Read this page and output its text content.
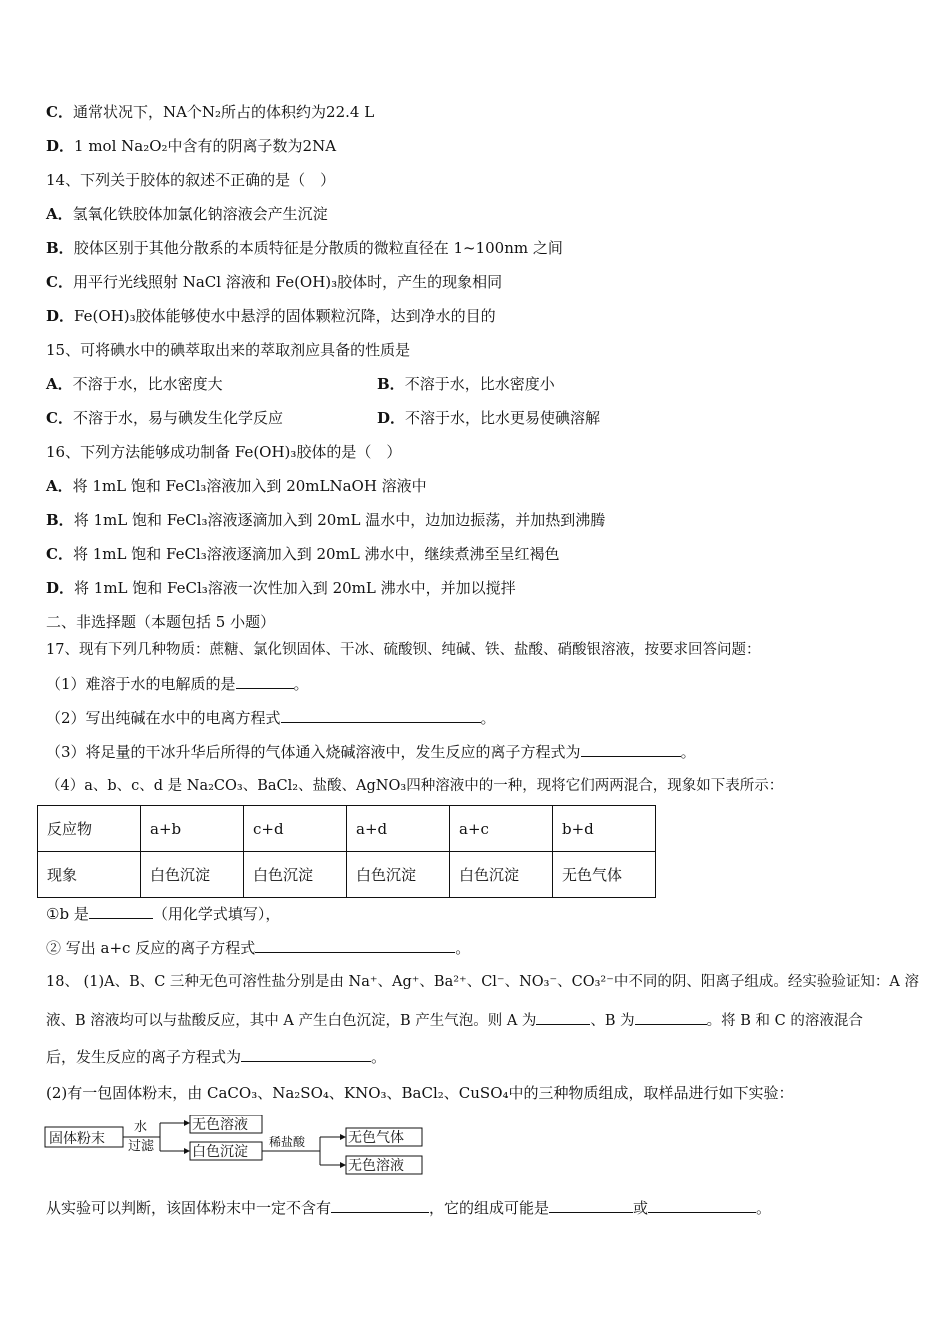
C．通常状况下，NA个N₂所占的体积约为22.4 L
D．1 mol Na₂O₂中含有的阴离子数为2NA
14、下列关于胶体的叙述不正确的是（　）
A．氢氧化铁胶体加氯化钠溶液会产生沉淀
B．胶体区别于其他分散系的本质特征是分散质的微粒直径在 1~100nm 之间
C．用平行光线照射 NaCl 溶液和 Fe(OH)₃胶体时，产生的现象相同
D．Fe(OH)₃胶体能够使水中悬浮的固体颗粒沉降，达到净水的目的
15、可将碘水中的碘萃取出来的萃取剂应具备的性质是
A．不溶于水，比水密度大	B．不溶于水，比水密度小
C．不溶于水，易与碘发生化学反应	D．不溶于水，比水更易使碘溶解
16、下列方法能够成功制备 Fe(OH)₃胶体的是（　）
A．将 1mL 饱和 FeCl₃溶液加入到 20mLNaOH 溶液中
B．将 1mL 饱和 FeCl₃溶液逐滴加入到 20mL 温水中，边加边振荡，并加热到沸腾
C．将 1mL 饱和 FeCl₃溶液逐滴加入到 20mL 沸水中，继续煮沸至呈红褐色
D．将 1mL 饱和 FeCl₃溶液一次性加入到 20mL 沸水中，并加以搅拌
二、非选择题（本题包括 5 小题）
17、现有下列几种物质：蔗糖、氯化钡固体、干冰、硫酸钡、纯碱、铁、盐酸、硝酸银溶液，按要求回答问题：
（1）难溶于水的电解质的是	。
（2）写出纯碱在水中的电离方程式	。
（3）将足量的干冰升华后所得的气体通入烧碱溶液中，发生反应的离子方程式为	。
（4）a、b、c、d 是 Na₂CO₃、BaCl₂、盐酸、AgNO₃四种溶液中的一种，现将它们两两混合，现象如下表所示：
反应物	a+b	c+d	a+d	a+c	b+d
现象	白色沉淀	白色沉淀	白色沉淀	白色沉淀	无色气体
①b 是	（用化学式填写），
② 写出 a+c 反应的离子方程式	。
18、 (1)A、B、C 三种无色可溶性盐分别是由 Na⁺、Ag⁺、Ba²⁺、Cl⁻、NO₃⁻、CO₃²⁻中不同的阴、阳离子组成。经实验验证知：A 溶
液、B 溶液均可以与盐酸反应，其中 A 产生白色沉淀，B 产生气泡。则 A 为	、B 为	。将 B 和 C 的溶液混合
后，发生反应的离子方程式为	。
(2)有一包固体粉末，由 CaCO₃、Na₂SO₄、KNO₃、BaCl₂、CuSO₄中的三种物质组成，取样品进行如下实验：
固体粉末
水
过滤
无色溶液
白色沉淀
稀盐酸	无色气体
无色溶液
从实验可以判断，该固体粉末中一定不含有	，它的组成可能是	或	。
